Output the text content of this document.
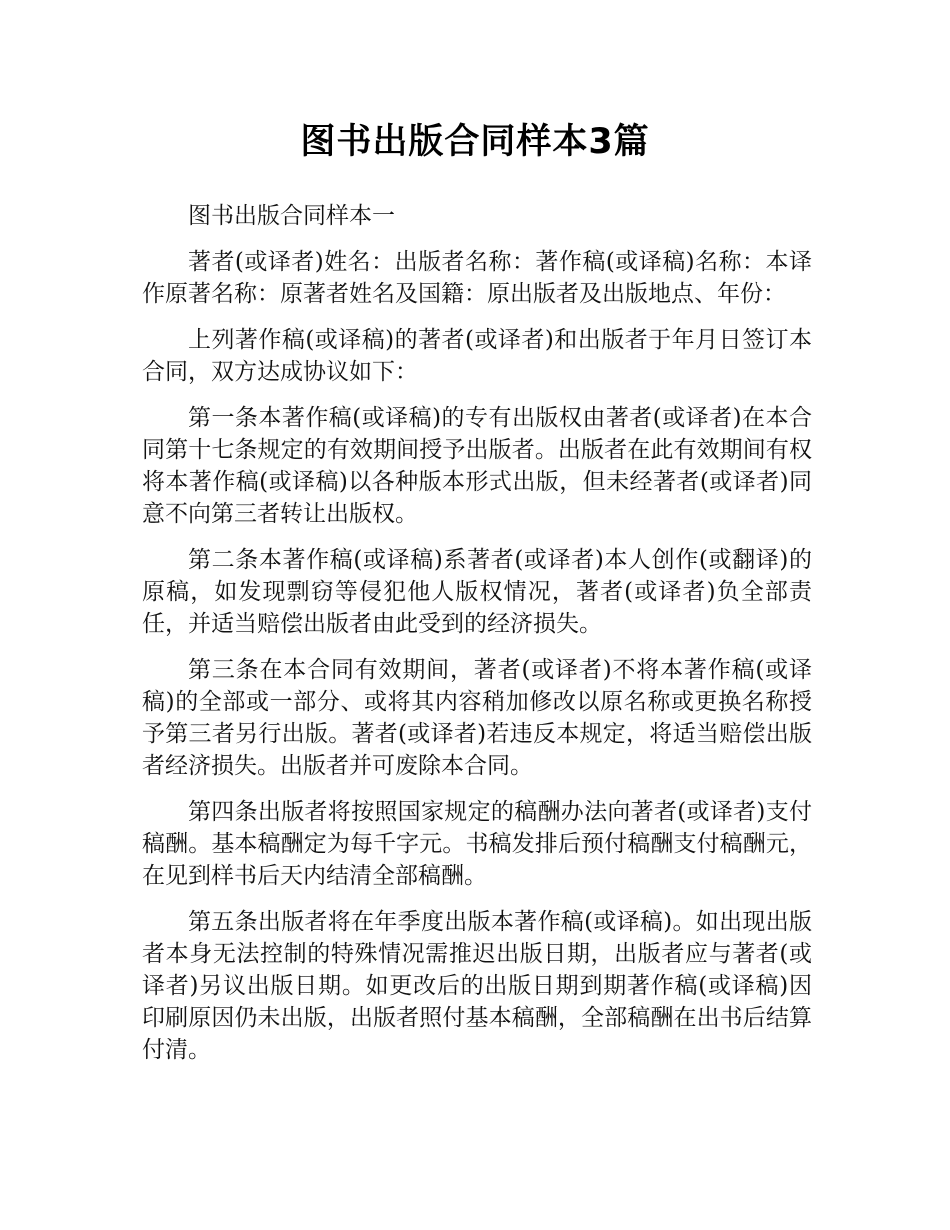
图书出版合同样本3篇

图书出版合同样本一

著者(或译者)姓名：出版者名称：著作稿(或译稿)名称：本译作原著名称：原著者姓名及国籍：原出版者及出版地点、年份：

上列著作稿(或译稿)的著者(或译者)和出版者于年月日签订本合同，双方达成协议如下：

第一条本著作稿(或译稿)的专有出版权由著者(或译者)在本合同第十七条规定的有效期间授予出版者。出版者在此有效期间有权将本著作稿(或译稿)以各种版本形式出版，但未经著者(或译者)同意不向第三者转让出版权。

第二条本著作稿(或译稿)系著者(或译者)本人创作(或翻译)的原稿，如发现剽窃等侵犯他人版权情况，著者(或译者)负全部责任，并适当赔偿出版者由此受到的经济损失。

第三条在本合同有效期间，著者(或译者)不将本著作稿(或译稿)的全部或一部分、或将其内容稍加修改以原名称或更换名称授予第三者另行出版。著者(或译者)若违反本规定，将适当赔偿出版者经济损失。出版者并可废除本合同。

第四条出版者将按照国家规定的稿酬办法向著者(或译者)支付稿酬。基本稿酬定为每千字元。书稿发排后预付稿酬支付稿酬元，在见到样书后天内结清全部稿酬。

第五条出版者将在年季度出版本著作稿(或译稿)。如出现出版者本身无法控制的特殊情况需推迟出版日期，出版者应与著者(或译者)另议出版日期。如更改后的出版日期到期著作稿(或译稿)因印刷原因仍未出版，出版者照付基本稿酬，全部稿酬在出书后结算付清。
